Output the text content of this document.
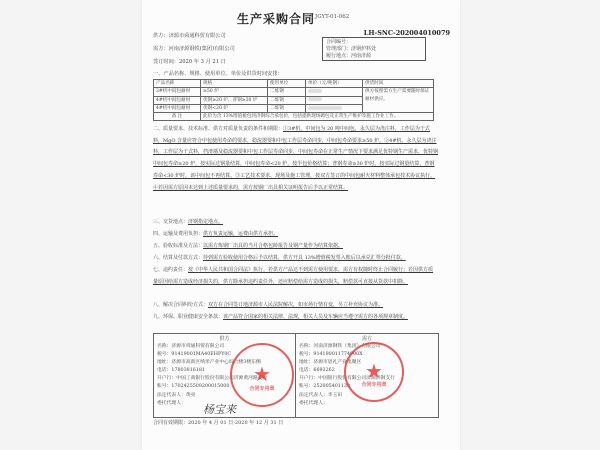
生产采购合同 JGYT-01-062
LH-SNC-202004010079
供方：济源市舜通科贸有限公司
需方：河南济源钢铁(集团)有限公司
签订时间：2020 年 3 月 21 日
合同编号：
管理部门：济钢炉料处
履行地点：河南济源
一、产品名称、规格、使用单位、单价及供货时间安排：
产品名称	规格	使用单位	单价（元/吨钢）	供货时间
3#机中间包耐材	≥50 炉	二炼钢		供方按照需方生产需要随时保证耐材供应。
4#机中间包耐材	优钢≥20 炉、普钢≥30 炉	二炼钢		
4#机中间包耐材	优钢<20 炉	二炼钢		
备 注	此价为含 13%增值税包到济钢综合承包价，包括提供现场砌包及正常生产维护等施工作业工作。			
二、质量要求、技术标准、供方对质量负责的条件和期限：①3#机，中间包为 20 吨中间包，永久层为浇注料，工作层为干式料，MgO 含量应符合中包使用寿命的要求，稳流器要和中包工作层寿命同步，中间包寿命要求≥50 炉。②4#机，永久层为浇注料，工作层为干式料，挡渣墙及稳流器要和中包工作层寿命同步，中间包寿命在正常生产情况下要求满足优特钢生产需求，优特钢中间包寿命≥20 炉，按实际过钢量结算，中间包寿命<20 炉，按半包价格结算；普钢寿命≥30 炉时，按实际过钢量结算，普钢寿命<30 炉时，该中间包不再结算。③工艺技术要求、现场及施工管理，按双方签订的中间包耐火材料整体承包技术协议执行。④若因需方原因未达到上述质量要求的，需方按钢厂出具相关证明报告后予以正常结算。
三、交货地点：济钢指定地点。
四、运输及费用负担：供方负责运输，运费由供方承担。
五、验收标准及方法：以需方炼钢厂出具的当月合格包龄报告及钢产量作为结算依据。
六、结算及付款方式：待到需方验收使用合格后予以结算，供方开具 13%增值税发票入账后以承兑汇票分批付款。
七、违约责任：按《中华人民共和国合同法》执行。若供方产品达不到需方使用要求，需方有权随时终止合同履行；若因供方质量原因给需方造成经济损失的，供方除承担违约责任外，还应赔偿给需方造成的损失，赔偿款可直接从货款中扣除。
八、解决合同纠纷方式：双方在合同签订地济源市人民法院解决，如市场行情有变，另立补充协议为准。
九、环保、职业健康安全条款：该产品符合国家的相关法律、法规，相关人员及车辆应当遵守需方的各项规章制度。
供方
名称：济源市舜通科贸有限公司
税号：91419001MA40EHPY0C
地址：济源市高新区纳米产业中心综合楼3楼东侧
电话：17803816181
开户行：中国工商银行股份有限公司济源黄河路支行
账号：1702425509200015000
法定代表人：黄亮
委托代理人：	杨宝来
★
合同专用章
需方
名称：河南济源钢铁（集团）有限公司
税号：914190011774900X
地址：济源市思礼产业集聚区
电话：6693262
开户行：中国银行股份有限公司济源济钢支行
账号：252005401130
法定代表人：李玉田
委托代理人：
★
合同专用章
合同有效期限：2020 年 4 月 01 日-2020 年 12 月 31 日
